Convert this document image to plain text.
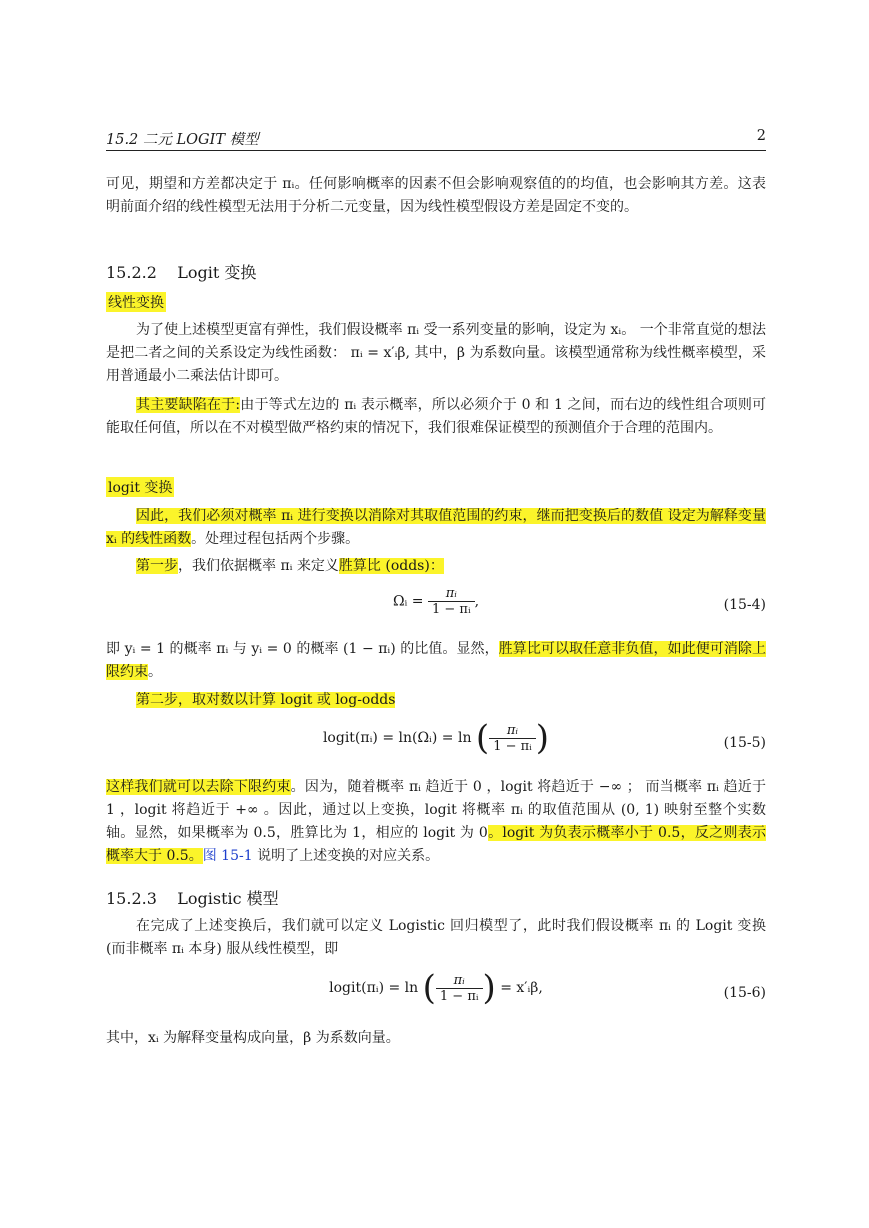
15.2 二元 LOGIT 模型	2
可见，期望和方差都决定于 πᵢ。任何影响概率的因素不但会影响观察值的的均值，也会影响其方差。这表明前面介绍的线性模型无法用于分析二元变量，因为线性模型假设方差是固定不变的。
15.2.2 Logit 变换
线性变换
为了使上述模型更富有弹性，我们假设概率 πᵢ 受一系列变量的影响，设定为 xᵢ。 一个非常直觉的想法是把二者之间的关系设定为线性函数： πᵢ = x′ᵢβ, 其中，β 为系数向量。该模型通常称为线性概率模型，采用普通最小二乘法估计即可。
其主要缺陷在于:由于等式左边的 πᵢ 表示概率，所以必须介于 0 和 1 之间，而右边的线性组合项则可能取任何值，所以在不对模型做严格约束的情况下，我们很难保证模型的预测值介于合理的范围内。
logit 变换
因此，我们必须对概率 πᵢ 进行变换以消除对其取值范围的约束，继而把变换后的数值 设定为解释变量 xᵢ 的线性函数。处理过程包括两个步骤。
第一步，我们依据概率 πᵢ 来定义胜算比 (odds)：
Ωᵢ = $\frac{\text{πᵢ}}{\text{1 − πᵢ}}$ ,	(15-4)
即 yᵢ = 1 的概率 πᵢ 与 yᵢ = 0 的概率 (1 − πᵢ) 的比值。显然，胜算比可以取任意非负值，如此便可消除上限约束。
第二步，取对数以计算 logit 或 log-odds
logit(πᵢ) = ln(Ωᵢ) = ln ( $\frac{\text{πᵢ}}{\text{1 − πᵢ}}$ )	(15-5)
这样我们就可以去除下限约束。因为，随着概率 πᵢ 趋近于 0 ，logit 将趋近于 −∞ ； 而当概率 πᵢ 趋近于 1 ，logit 将趋近于 +∞ 。因此，通过以上变换，logit 将概率 πᵢ 的取值范围从 (0, 1) 映射至整个实数轴。显然，如果概率为 0.5，胜算比为 1，相应的 logit 为 0。logit 为负表示概率小于 0.5，反之则表示概率大于 0.5。图 15-1 说明了上述变换的对应关系。
15.2.3 Logistic 模型
在完成了上述变换后，我们就可以定义 Logistic 回归模型了，此时我们假设概率 πᵢ 的 Logit 变换 (而非概率 πᵢ 本身) 服从线性模型，即
logit(πᵢ) = ln ( $\frac{\text{πᵢ}}{\text{1 − πᵢ}}$ ) = x′ᵢβ,	(15-6)
其中，xᵢ 为解释变量构成向量，β 为系数向量。
